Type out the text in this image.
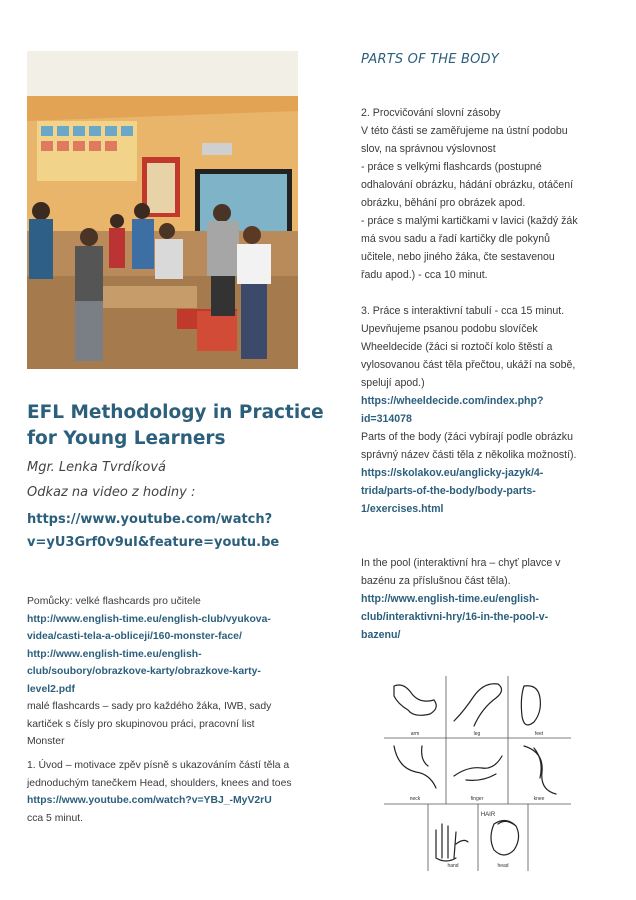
EFL Methodology in Practice
for Young Learners
Mgr. Lenka Tvrdíková
Odkaz na video z hodiny :
https://www.youtube.com/watch?
v=yU3Grf0v9uI&feature=youtu.be
Pomůcky: velké flashcards pro učitele
http://www.english-time.eu/english-club/vyukova-
videa/casti-tela-a-obliceji/160-monster-face/
http://www.english-time.eu/english-
club/soubory/obrazkove-karty/obrazkove-karty-
level2.pdf
malé flashcards – sady pro každého žáka, IWB, sady
kartiček s čísly pro skupinovou práci, pracovní list
Monster
1. Úvod – motivace zpěv písně s ukazováním částí těla a
jednoduchým tanečkem Head, shoulders, knees and toes
https://www.youtube.com/watch?v=YBJ_-MyV2rU
cca 5 minut.
PARTS OF THE BODY
2. Procvičování slovní zásoby
V této části se zaměřujeme na ústní podobu
slov, na správnou výslovnost
- práce s velkými flashcards (postupné
odhalování obrázku, hádání obrázku, otáčení
obrázku, běhání pro obrázek apod.
- práce s malými kartičkami v lavici (každý žák
má svou sadu a řadí kartičky dle pokynů
učitele, nebo jiného žáka, čte sestavenou
řadu apod.) - cca 10 minut.
3. Práce s interaktivní tabulí - cca 15 minut.
Upevňujeme psanou podobu slovíček
Wheeldecide (žáci si roztočí kolo štěstí a
vylosovanou část těla přečtou, ukáží na sobě,
spelují apod.)
https://wheeldecide.com/index.php?
id=314078
Parts of the body (žáci vybírají podle obrázku
správný název části těla z několika možností).
https://skolakov.eu/anglicky-jazyk/4-
trida/parts-of-the-body/body-parts-
1/exercises.html
In the pool (interaktivní hra – chyť plavce v
bazénu za příslušnou část těla).
http://www.english-time.eu/english-
club/interaktivni-hry/16-in-the-pool-v-
bazenu/
arm	leg	feet
neck	finger	knee
hand
HAIR
head
